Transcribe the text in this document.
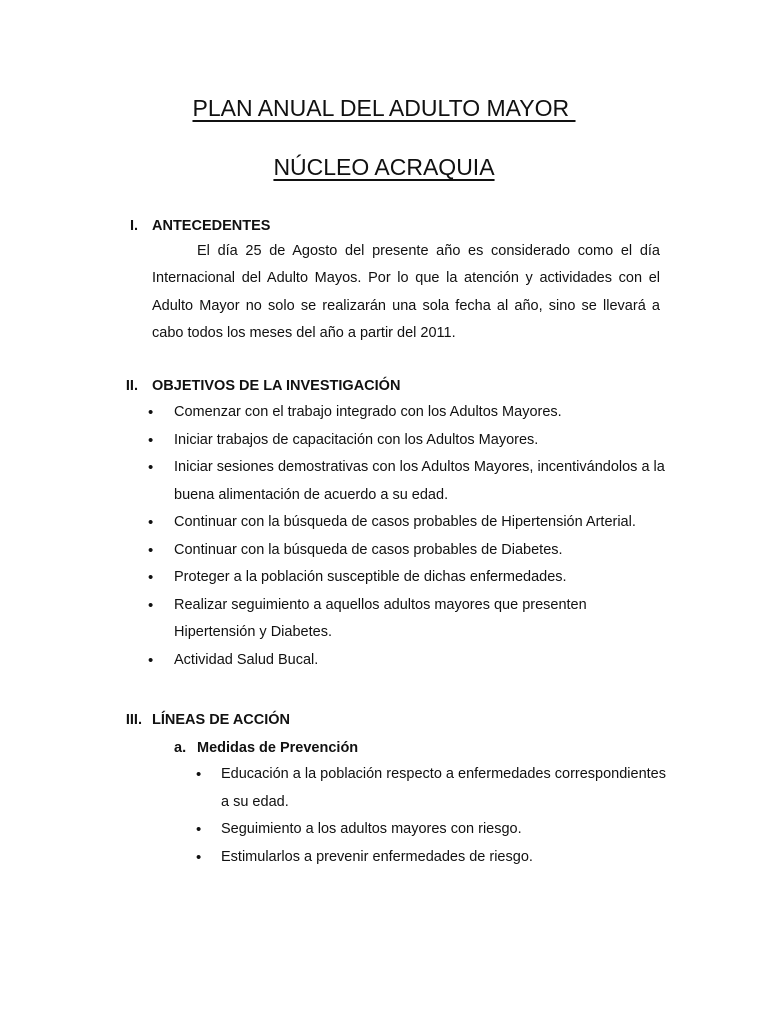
PLAN ANUAL DEL ADULTO MAYOR
NÚCLEO ACRAQUIA
I. ANTECEDENTES
El día 25 de Agosto del presente año es considerado como el día Internacional del Adulto Mayos. Por lo que la atención y actividades con el Adulto Mayor no solo se realizarán una sola fecha al año, sino se llevará a cabo todos los meses del año a partir del 2011.
II. OBJETIVOS DE LA INVESTIGACIÓN
• Comenzar con el trabajo integrado con los Adultos Mayores.
• Iniciar trabajos de capacitación con los Adultos Mayores.
• Iniciar sesiones demostrativas con los Adultos Mayores, incentivándolos a la buena alimentación de acuerdo a su edad.
• Continuar con la búsqueda de casos probables de Hipertensión Arterial.
• Continuar con la búsqueda de casos probables de Diabetes.
• Proteger a la población susceptible de dichas enfermedades.
• Realizar seguimiento a aquellos adultos mayores que presenten Hipertensión y Diabetes.
• Actividad Salud Bucal.
III. LÍNEAS DE ACCIÓN
a. Medidas de Prevención
• Educación a la población respecto a enfermedades correspondientes a su edad.
• Seguimiento a los adultos mayores con riesgo.
• Estimularlos a prevenir enfermedades de riesgo.
